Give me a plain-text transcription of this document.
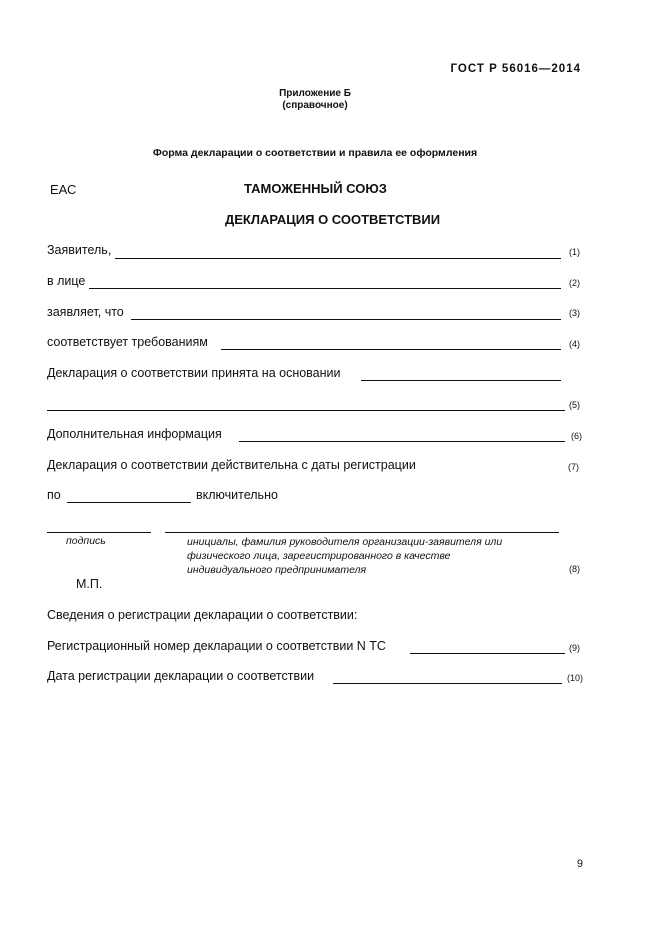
ГОСТ Р 56016—2014
Приложение Б
(справочное)
Форма декларации о соответствии и правила ее оформления
ЕАС	ТАМОЖЕННЫЙ СОЮЗ
ДЕКЛАРАЦИЯ О СООТВЕТСТВИИ
Заявитель,	(1)
в лице	(2)
заявляет, что	(3)
соответствует требованиям	(4)
Декларация о соответствии принята на основании
(5)
Дополнительная информация	(6)
Декларация о соответствии действительна с даты регистрации	(7)
по	включительно
подпись	инициалы, фамилия руководителя организации-заявителя или физического лица, зарегистрированного в качестве индивидуального предпринимателя	(8)
М.П.
Сведения о регистрации декларации о соответствии:
Регистрационный номер декларации о соответствии N ТС	(9)
Дата регистрации декларации о соответствии	(10)
9
